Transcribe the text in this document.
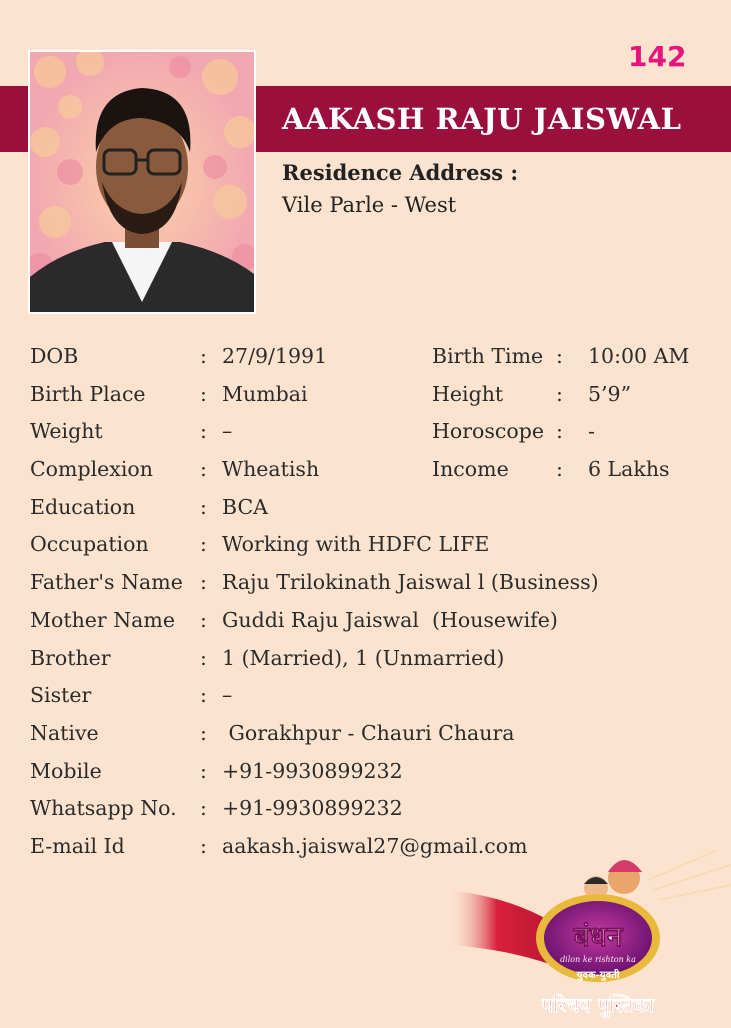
142
AAKASH RAJU JAISWAL
Residence Address :
Vile Parle - West
DOB	: 27/9/1991	Birth Time : 10:00 AM
Birth Place	: Mumbai	Height	: 5’9”
Weight	: –	Horoscope : -
Complexion : Wheatish	Income : 6 Lakhs
Education	: BCA
Occupation	: Working with HDFC LIFE
Father's Name : Raju Trilokinath Jaiswal l (Business)
Mother Name : Guddi Raju Jaiswal  (Housewife)
Brother	: 1 (Married), 1 (Unmarried)
Sister	: –
Native	: Gorakhpur - Chauri Chaura
Mobile	: +91-9930899232
Whatsapp No. : +91-9930899232
E-mail Id	: aakash.jaiswal27@gmail.com
बंधन
dilon ke rishton ka
युवक-युवती
परिचय पुस्तिका
